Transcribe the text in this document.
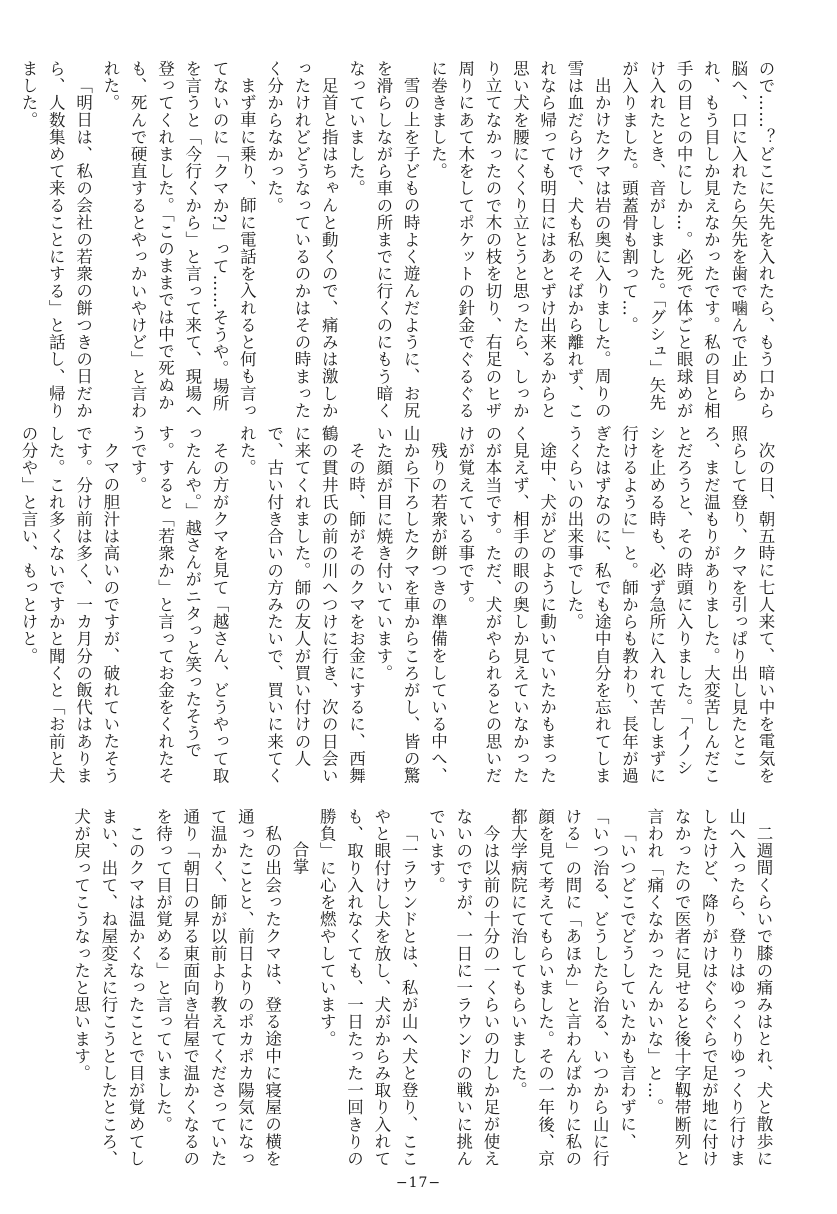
ので……？どこに矢先を入れたら、もう口から脳へ、口に入れたら矢先を歯で噛んで止められ、もう目しか見えなかったです。私の目と相手の目との中にしか…。必死で体ごと眼球めがけ入れたとき、音がしました。「グシュ」矢先が入りました。頭蓋骨も割って…。

出かけたクマは岩の奥に入りました。周りの雪は血だらけで、犬も私のそばから離れず、これなら帰っても明日にはあとずけ出来るからと思い犬を腰にくくり立とうと思ったら、しっかり立てなかったので木の枝を切り、右足のヒザ周りにあて木をしてポケットの針金でぐるぐるに巻きました。

雪の上を子どもの時よく遊んだように、お尻を滑らしながら車の所までに行くのにもう暗くなっていました。

足首と指はちゃんと動くので、痛みは激しかったけれどどうなっているのかはその時まったく分からなかった。

まず車に乗り、師に電話を入れると何も言ってないのに「クマか?」って……そうや。場所を言うと「今行くから」と言って来て、現場へ登ってくれました。「このままでは中で死ぬかも、死んで硬直するとやっかいやけど」と言われた。

「明日は、私の会社の若衆の餅つきの日だから、人数集めて来ることにする」と話し、帰りました。

次の日、朝五時に七人来て、暗い中を電気を照らして登り、クマを引っぱり出し見たところ、まだ温もりがありました。大変苦しんだことだろうと、その時頭に入りました。「イノシシを止める時も、必ず急所に入れて苦しまずに行けるように」と。師からも教わり、長年が過ぎたはずなのに、私でも途中自分を忘れてしまうくらいの出来事でした。

途中、犬がどのように動いていたかもまったく見えず、相手の眼の奥しか見えていなかったのが本当です。ただ、犬がやられるとの思いだけが覚えている事です。

残りの若衆が餅つきの準備をしている中へ、山から下ろしたクマを車からころがし、皆の驚いた顔が目に焼き付いています。

その時、師がそのクマをお金にするに、西舞鶴の貫井氏の前の川へつけに行き、次の日会いに来てくれました。師の友人が買い付けの人で、古い付き合いの方みたいで、買いに来てくれた。

その方がクマを見て「越さん、どうやって取ったんや。」越さんがニタっと笑ったそうです。すると「若衆か」と言ってお金をくれたそうです。

クマの胆汁は高いのですが、破れていたそうです。分け前は多く、一カ月分の飯代はありました。これ多くないですかと聞くと「お前と犬の分や」と言い、もっとけと。

二週間くらいで膝の痛みはとれ、犬と散歩に山へ入ったら、登りはゆっくりゆっくり行けましたけど、降りがけはぐらぐらで足が地に付けなかったので医者に見せると後十字靱帯断列と言われ「痛くなかったんかいな」と…。

「いつどこでどうしていたかも言わずに、「いつ治る、どうしたら治る、いつから山に行ける」の問に「あほか」と言わんばかりに私の顔を見て考えてもらいました。その一年後、京都大学病院にて治してもらいました。

今は以前の十分の一くらいの力しか足が使えないのですが、一日に一ラウンドの戦いに挑んでいます。

「一ラウンドとは、私が山へ犬と登り、ここやと眼付けし犬を放し、犬がからみ取り入れても、取り入れなくても、一日たった一回きりの勝負」に心を燃やしています。

合掌

私の出会ったクマは、登る途中に寝屋の横を通ったことと、前日よりのポカポカ陽気になって温かく、師が以前より教えてくださっていた通り「朝日の昇る東面向き岩屋で温かくなるのを待って目が覚める」と言っていました。

このクマは温かくなったことで目が覚めてしまい、出て、ね屋変えに行こうとしたところ、犬が戻ってこうなったと思います。

−17−
